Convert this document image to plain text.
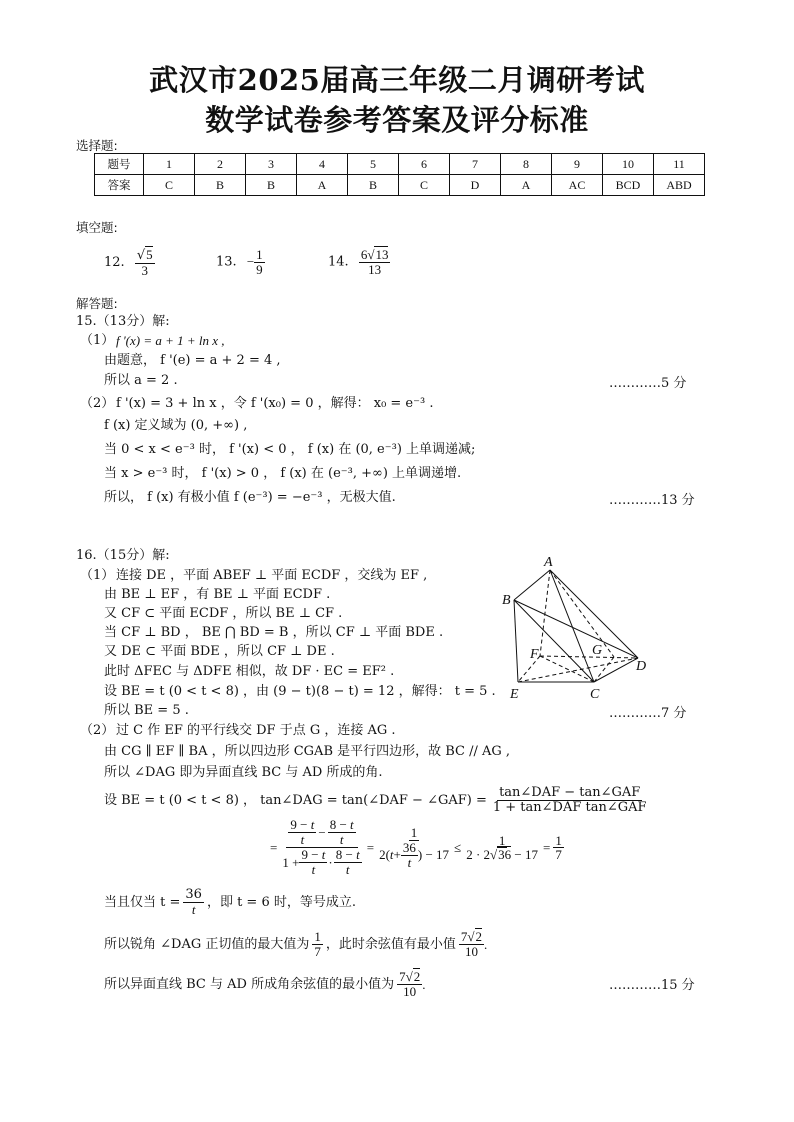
武汉市2025届高三年级二月调研考试
数学试卷参考答案及评分标准
选择题:
题号	1	2	3	4	5	6	7	8	9	10	11
答案	C	B	B	A	B	C	D	A	AC	BCD	ABD
填空题:
12. $\frac{√5}{3}$	13. − $\frac{1}{9}$	14. $\frac{6√13}{13}$
解答题:
15.（13分）解:
（1） f '(x) = a + 1 + ln x ,
由题意， f '(e) = a + 2 = 4 ,
所以 a = 2 .	…………5 分
（2） f '(x) = 3 + ln x ，令 f '(x₀) = 0 ，解得： x₀ = e⁻³ .
f (x) 定义域为 (0, +∞) ,
当 0 < x < e⁻³ 时， f '(x) < 0 ， f (x) 在 (0, e⁻³) 上单调递减;
当 x > e⁻³ 时， f '(x) > 0 ， f (x) 在 (e⁻³, +∞) 上单调递增.
所以， f (x) 有极小值 f (e⁻³) = −e⁻³ ，无极大值.	…………13 分
16.（15分）解:
（1） 连接 DE ，平面 ABEF ⊥ 平面 ECDF ，交线为 EF ,
由 BE ⊥ EF ，有 BE ⊥ 平面 ECDF .
又 CF ⊂ 平面 ECDF ，所以 BE ⊥ CF .
当 CF ⊥ BD ， BE ⋂ BD = B ，所以 CF ⊥ 平面 BDE .
又 DE ⊂ 平面 BDE ，所以 CF ⊥ DE .
此时 ΔFEC 与 ΔDFE 相似，故 DF · EC = EF² .
设 BE = t (0 < t < 8) ，由 (9 − t)(8 − t) = 12 ，解得： t = 5 .
所以 BE = 5 .	…………7 分
A
B
F	G
D
E	C
（2） 过 C 作 EF 的平行线交 DF 于点 G ，连接 AG .
由 CG ∥ EF ∥ BA ，所以四边形 CGAB 是平行四边形，故 BC // AG ,
所以 ∠DAG 即为异面直线 BC 与 AD 所成的角.
设 BE = t (0 < t < 8) ， tan∠DAG = tan(∠DAF − ∠GAF) = $\frac{\text{tan∠DAF − tan∠GAF}}{\text{1 + tan∠DAF tan∠GAF}}$
= $\frac{\frac{9 - t}{t} - \frac{8 - t}{t}}{1 + \frac{9 - t}{t} \cdot \frac{8 - t}{t}} = \frac{1}{2( t + \frac{36}{t} ) - 17} \le \frac{1}{2 \cdot 2√36 - 17} = \frac{1}{7}$
当且仅当 $t = \frac{36}{t}$ ，即 t = 6 时，等号成立.
所以锐角 ∠DAG 正切值的最大值为 $\frac{1}{7}$ ，此时余弦值有最小值 $\frac{7√2}{10}$ .
所以异面直线 BC 与 AD 所成角余弦值的最小值为 $\frac{7√2}{10}$ .	…………15 分
